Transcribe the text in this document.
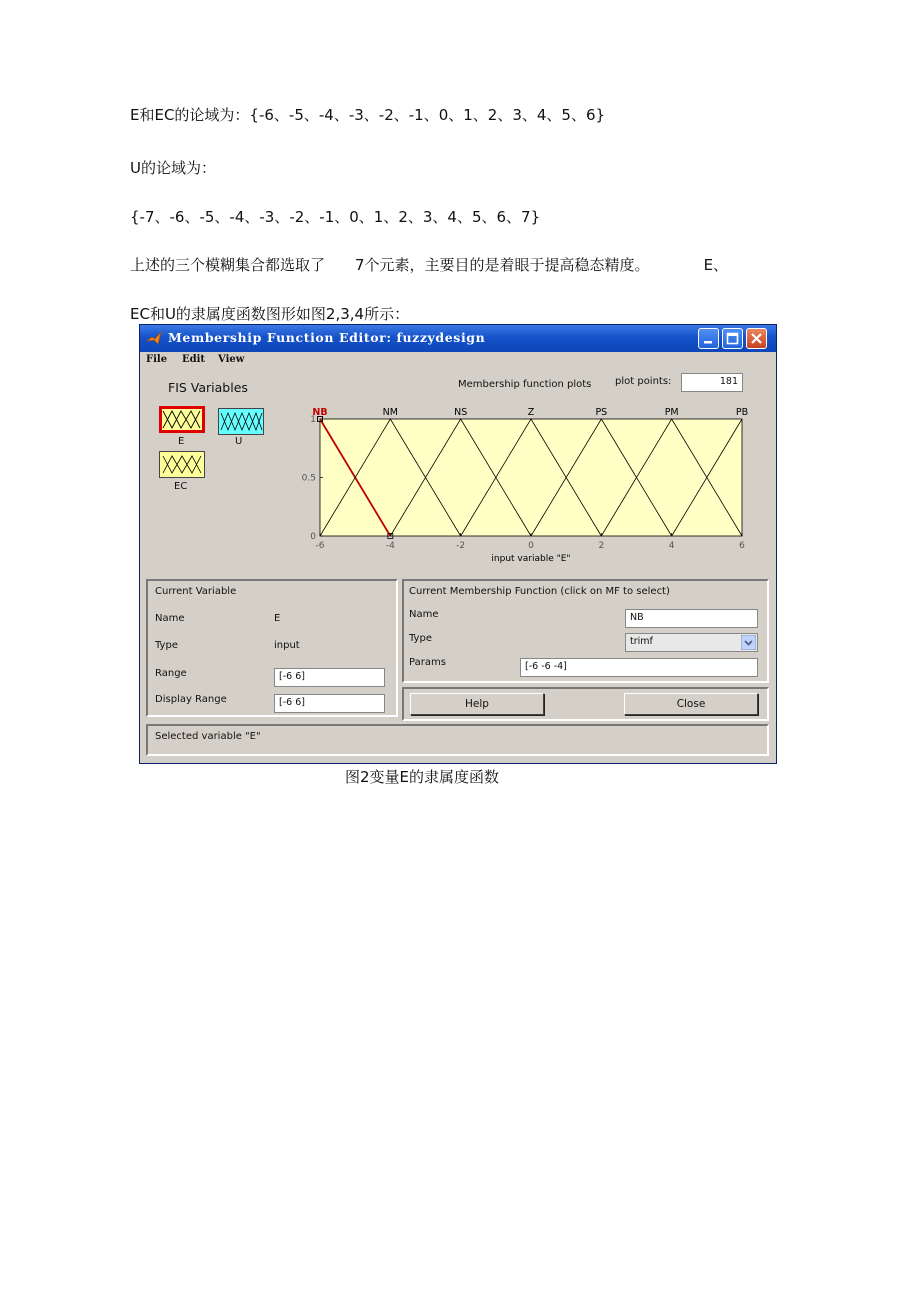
E和EC的论域为：{-6、-5、-4、-3、-2、-1、0、1、2、3、4、5、6}
U的论域为：
{-7、-6、-5、-4、-3、-2、-1、0、1、2、3、4、5、6、7}
上述的三个模糊集合都选取了 7个元素，主要目的是着眼于提高稳态精度。	E、
EC和U的隶属度函数图形如图2,3,4所示：
Membership Function Editor: fuzzydesign
File Edit View
FIS Variables
E	U
EC
Membership function plots plot points:	181
-6	-4	-2	0	2	4	6
0
0.5
1
input variable "E"
NB	NM	NS	Z	PS	PM	PB
Current Variable
Name	E
Type	input
Range	[-6 6]
Display Range	[-6 6]
Current Membership Function (click on MF to select)
Name	NB
Type	trimf
Params	[-6 -6 -4]
Help	Close
Selected variable "E"
图2变量E的隶属度函数
